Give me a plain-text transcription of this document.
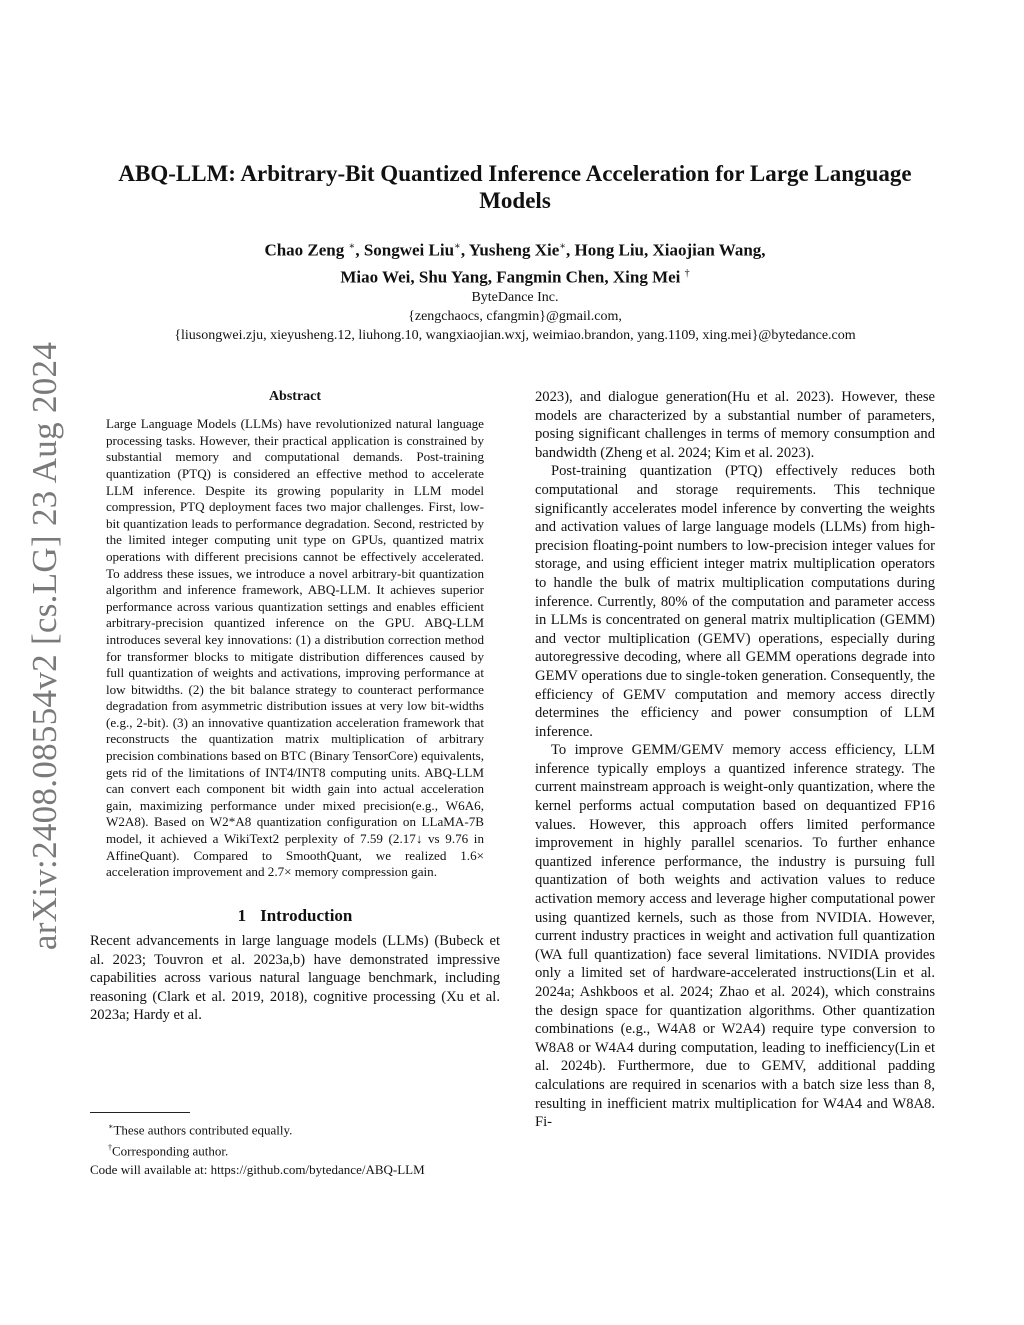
arXiv:2408.08554v2 [cs.LG] 23 Aug 2024
ABQ-LLM: Arbitrary-Bit Quantized Inference Acceleration for Large Language Models
Chao Zeng ∗, Songwei Liu∗, Yusheng Xie∗, Hong Liu, Xiaojian Wang,
Miao Wei, Shu Yang, Fangmin Chen, Xing Mei †
ByteDance Inc.
{zengchaocs, cfangmin}@gmail.com,
{liusongwei.zju, xieyusheng.12, liuhong.10, wangxiaojian.wxj, weimiao.brandon, yang.1109, xing.mei}@bytedance.com

Abstract

Large Language Models (LLMs) have revolutionized natural language processing tasks. However, their practical application is constrained by substantial memory and computational demands. Post-training quantization (PTQ) is considered an effective method to accelerate LLM inference. Despite its growing popularity in LLM model compression, PTQ deployment faces two major challenges. First, low-bit quantization leads to performance degradation. Second, restricted by the limited integer computing unit type on GPUs, quantized matrix operations with different precisions cannot be effectively accelerated. To address these issues, we introduce a novel arbitrary-bit quantization algorithm and inference framework, ABQ-LLM. It achieves superior performance across various quantization settings and enables efficient arbitrary-precision quantized inference on the GPU. ABQ-LLM introduces several key innovations: (1) a distribution correction method for transformer blocks to mitigate distribution differences caused by full quantization of weights and activations, improving performance at low bitwidths. (2) the bit balance strategy to counteract performance degradation from asymmetric distribution issues at very low bit-widths (e.g., 2-bit). (3) an innovative quantization acceleration framework that reconstructs the quantization matrix multiplication of arbitrary precision combinations based on BTC (Binary TensorCore) equivalents, gets rid of the limitations of INT4/INT8 computing units. ABQ-LLM can convert each component bit width gain into actual acceleration gain, maximizing performance under mixed precision(e.g., W6A6, W2A8). Based on W2*A8 quantization configuration on LLaMA-7B model, it achieved a WikiText2 perplexity of 7.59 (2.17↓ vs 9.76 in AffineQuant). Compared to SmoothQuant, we realized 1.6× acceleration improvement and 2.7× memory compression gain.

1 Introduction

Recent advancements in large language models (LLMs) (Bubeck et al. 2023; Touvron et al. 2023a,b) have demonstrated impressive capabilities across various natural language benchmark, including reasoning (Clark et al. 2019, 2018), cognitive processing (Xu et al. 2023a; Hardy et al.

∗These authors contributed equally.

†Corresponding author.

Code will available at: https://github.com/bytedance/ABQ-LLM

2023), and dialogue generation(Hu et al. 2023). However, these models are characterized by a substantial number of parameters, posing significant challenges in terms of memory consumption and bandwidth (Zheng et al. 2024; Kim et al. 2023).

Post-training quantization (PTQ) effectively reduces both computational and storage requirements. This technique significantly accelerates model inference by converting the weights and activation values of large language models (LLMs) from high-precision floating-point numbers to low-precision integer values for storage, and using efficient integer matrix multiplication operators to handle the bulk of matrix multiplication computations during inference. Currently, 80% of the computation and parameter access in LLMs is concentrated on general matrix multiplication (GEMM) and vector multiplication (GEMV) operations, especially during autoregressive decoding, where all GEMM operations degrade into GEMV operations due to single-token generation. Consequently, the efficiency of GEMV computation and memory access directly determines the efficiency and power consumption of LLM inference.

To improve GEMM/GEMV memory access efficiency, LLM inference typically employs a quantized inference strategy. The current mainstream approach is weight-only quantization, where the kernel performs actual computation based on dequantized FP16 values. However, this approach offers limited performance improvement in highly parallel scenarios. To further enhance quantized inference performance, the industry is pursuing full quantization of both weights and activation values to reduce activation memory access and leverage higher computational power using quantized kernels, such as those from NVIDIA. However, current industry practices in weight and activation full quantization (WA full quantization) face several limitations. NVIDIA provides only a limited set of hardware-accelerated instructions(Lin et al. 2024a; Ashkboos et al. 2024; Zhao et al. 2024), which constrains the design space for quantization algorithms. Other quantization combinations (e.g., W4A8 or W2A4) require type conversion to W8A8 or W4A4 during computation, leading to inefficiency(Lin et al. 2024b). Furthermore, due to GEMV, additional padding calculations are required in scenarios with a batch size less than 8, resulting in inefficient matrix multiplication for W4A4 and W8A8. Fi-
